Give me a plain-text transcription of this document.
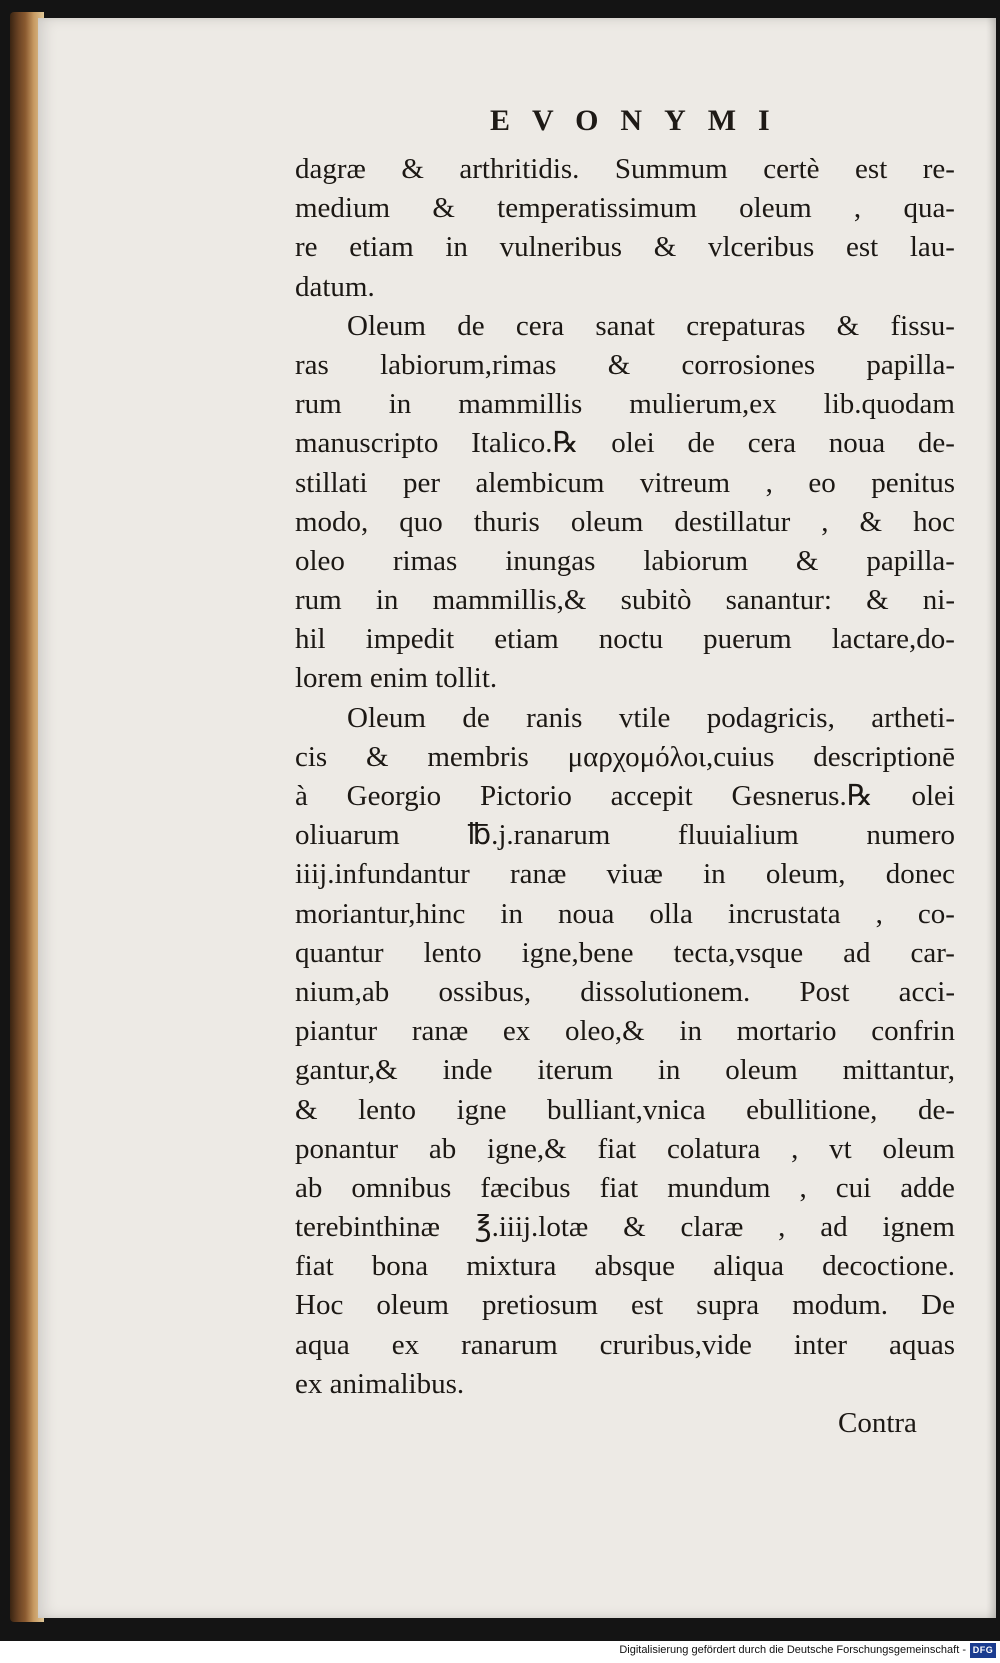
EVONYMI
dagræ & arthritidis. Summum certè est re-
medium & temperatissimum oleum , qua-
re etiam in vulneribus & vlceribus est lau-
datum.
Oleum de cera sanat crepaturas & fissu-
ras labiorum,rimas & corrosiones papilla-
rum in mammillis mulierum,ex lib.quodam
manuscripto Italico.℞ olei de cera noua de-
stillati per alembicum vitreum , eo penitus
modo, quo thuris oleum destillatur , & hoc
oleo rimas inungas labiorum & papilla-
rum in mammillis,& subitò sanantur: & ni-
hil impedit etiam noctu puerum lactare,do-
lorem enim tollit.
Oleum de ranis vtile podagricis, artheti-
cis & membris μαρχομόλοι,cuius descriptionē
à Georgio Pictorio accepit Gesnerus.℞ olei
oliuarum ℔.j.ranarum fluuialium numero
iiij.infundantur ranæ viuæ in oleum, donec
moriantur,hinc in noua olla incrustata , co-
quantur lento igne,bene tecta,vsque ad car-
nium,ab ossibus, dissolutionem. Post acci-
piantur ranæ ex oleo,& in mortario confrin
gantur,& inde iterum in oleum mittantur,
& lento igne bulliant,vnica ebullitione, de-
ponantur ab igne,& fiat colatura , vt oleum
ab omnibus fæcibus fiat mundum , cui adde
terebinthinæ ℥.iiij.lotæ & claræ , ad ignem
fiat bona mixtura absque aliqua decoctione.
Hoc oleum pretiosum est supra modum. De
aqua ex ranarum cruribus,vide inter aquas
ex animalibus.
Contra
Digitalisierung gefördert durch die Deutsche Forschungsgemeinschaft - DFG
